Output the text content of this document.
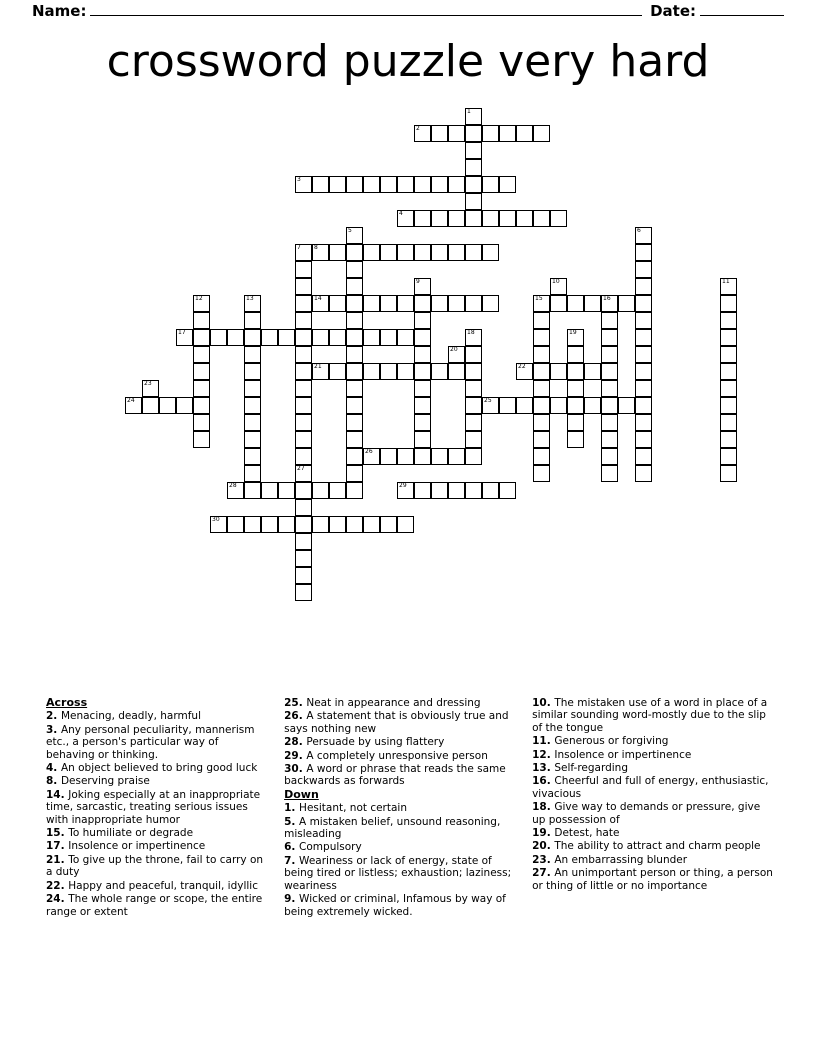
Name:	Date:
crossword puzzle very hard
1
2
3
4
5	6
7 8
9	10	11
12	13	14	15	16
17	18	19
20
21	22
23
24	25
26
27
28	29
30
Across
2. Menacing, deadly, harmful
3. Any personal peculiarity, mannerism etc., a person's particular way of behaving or thinking.
4. An object believed to bring good luck
8. Deserving praise
14. Joking especially at an inappropriate time, sarcastic, treating serious issues with inappropriate humor
15. To humiliate or degrade
17. Insolence or impertinence
21. To give up the throne, fail to carry on a duty
22. Happy and peaceful, tranquil, idyllic
24. The whole range or scope, the entire range or extent
25. Neat in appearance and dressing
26. A statement that is obviously true and says nothing new
28. Persuade by using flattery
29. A completely unresponsive person
30. A word or phrase that reads the same backwards as forwards
Down
1. Hesitant, not certain
5. A mistaken belief, unsound reasoning, misleading
6. Compulsory
7. Weariness or lack of energy, state of being tired or listless; exhaustion; laziness; weariness
9. Wicked or criminal, Infamous by way of being extremely wicked.
10. The mistaken use of a word in place of a similar sounding word-mostly due to the slip of the tongue
11. Generous or forgiving
12. Insolence or impertinence
13. Self-regarding
16. Cheerful and full of energy, enthusiastic, vivacious
18. Give way to demands or pressure, give up possession of
19. Detest, hate
20. The ability to attract and charm people
23. An embarrassing blunder
27. An unimportant person or thing, a person or thing of little or no importance
